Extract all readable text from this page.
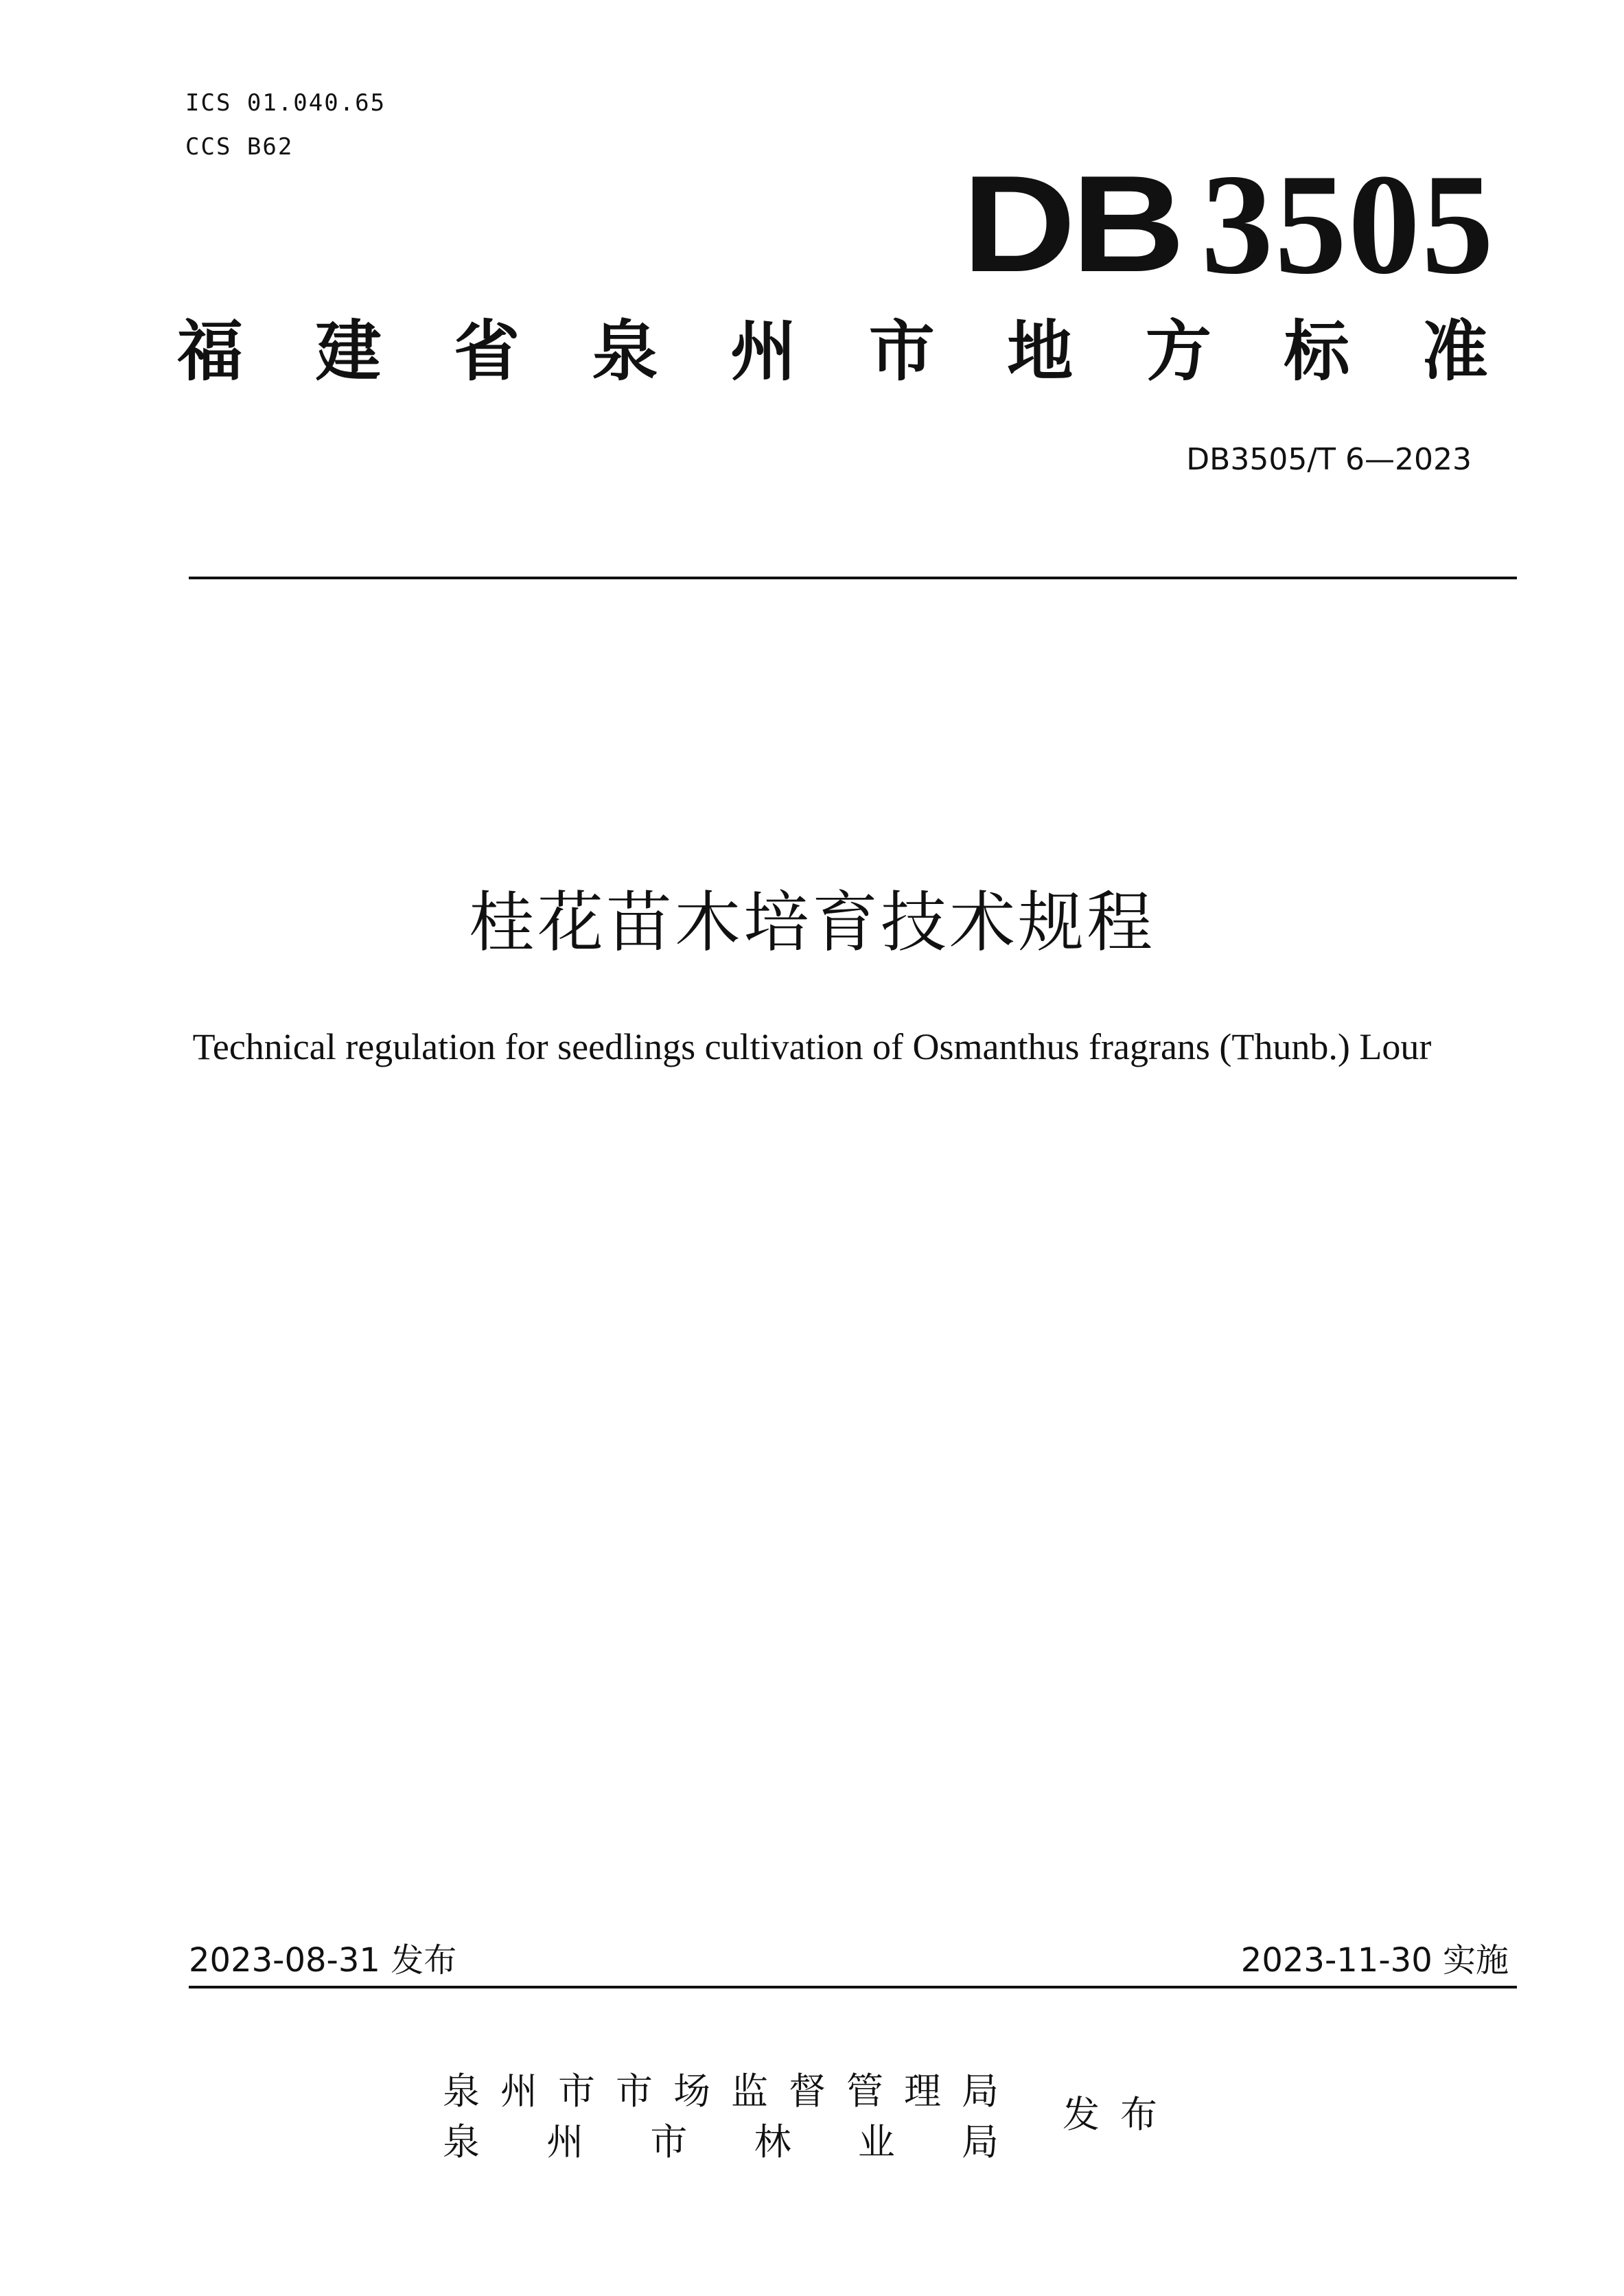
ICS 01.040.65
CCS B62
DB 3505
福 建 省 泉 州 市 地 方 标 准
DB3505/T 6—2023
桂花苗木培育技术规程
Technical regulation for seedlings cultivation of Osmanthus fragrans (Thunb.) Lour
2023-08-31 发布	2023-11-30 实施
泉 州 市 市 场 监 督 管 理 局
泉 州 市 林 业 局
发布
